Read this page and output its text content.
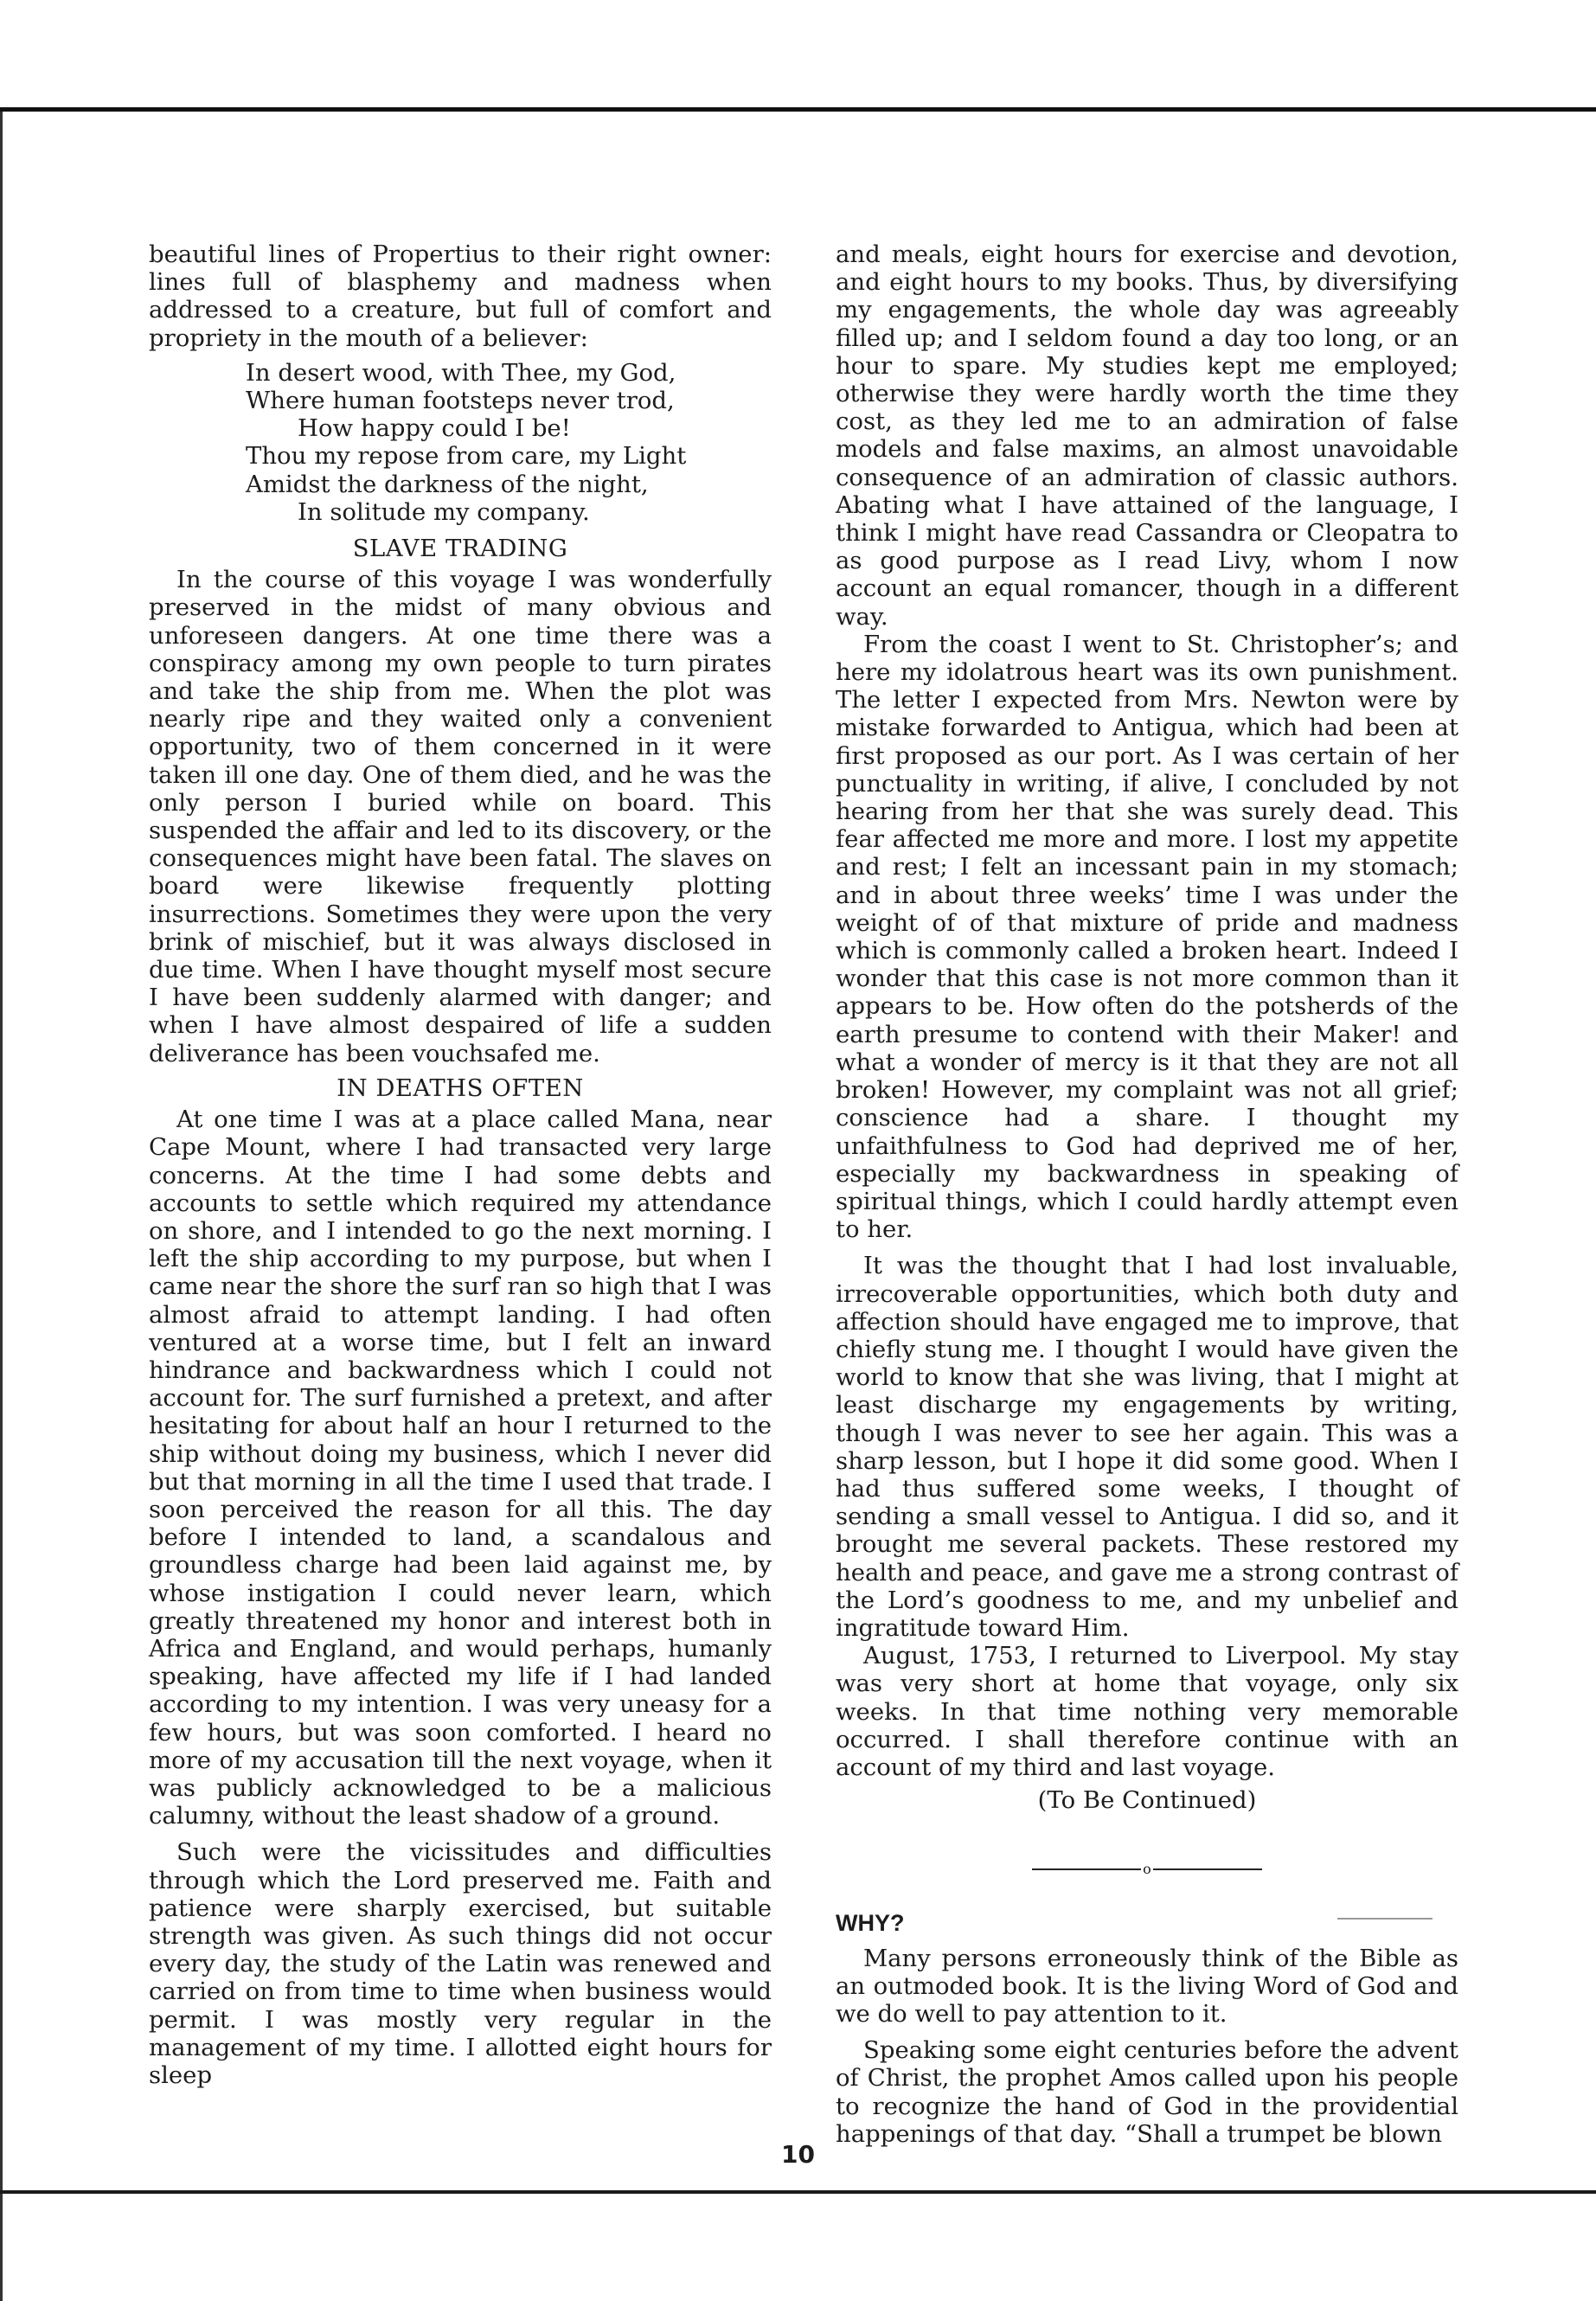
beautiful lines of Propertius to their right owner: lines full of blasphemy and madness when addressed to a creature, but full of comfort and propriety in the mouth of a believer:

In desert wood, with Thee, my God,
Where human footsteps never trod,
How happy could I be!
Thou my repose from care, my Light
Amidst the darkness of the night,
In solitude my company.
SLAVE TRADING

In the course of this voyage I was wonderfully preserved in the midst of many obvious and unforeseen dangers. At one time there was a conspiracy among my own people to turn pirates and take the ship from me. When the plot was nearly ripe and they waited only a convenient opportunity, two of them concerned in it were taken ill one day. One of them died, and he was the only person I buried while on board. This suspended the affair and led to its discovery, or the consequences might have been fatal. The slaves on board were likewise frequently plotting insurrections. Sometimes they were upon the very brink of mischief, but it was always disclosed in due time. When I have thought myself most secure I have been suddenly alarmed with danger; and when I have almost despaired of life a sudden deliverance has been vouchsafed me.

IN DEATHS OFTEN

At one time I was at a place called Mana, near Cape Mount, where I had transacted very large concerns. At the time I had some debts and accounts to settle which required my attendance on shore, and I intended to go the next morning. I left the ship according to my purpose, but when I came near the shore the surf ran so high that I was almost afraid to attempt landing. I had often ventured at a worse time, but I felt an inward hindrance and backwardness which I could not account for. The surf furnished a pretext, and after hesitating for about half an hour I returned to the ship without doing my business, which I never did but that morning in all the time I used that trade. I soon perceived the reason for all this. The day before I intended to land, a scandalous and groundless charge had been laid against me, by whose instigation I could never learn, which greatly threatened my honor and interest both in Africa and England, and would perhaps, humanly speaking, have affected my life if I had landed according to my intention. I was very uneasy for a few hours, but was soon comforted. I heard no more of my accusation till the next voyage, when it was publicly acknowledged to be a malicious calumny, without the least shadow of a ground.

Such were the vicissitudes and difficulties through which the Lord preserved me. Faith and patience were sharply exercised, but suitable strength was given. As such things did not occur every day, the study of the Latin was renewed and carried on from time to time when business would permit. I was mostly very regular in the management of my time. I allotted eight hours for sleep

and meals, eight hours for exercise and devotion, and eight hours to my books. Thus, by diversifying my engagements, the whole day was agreeably filled up; and I seldom found a day too long, or an hour to spare. My studies kept me employed; otherwise they were hardly worth the time they cost, as they led me to an admiration of false models and false maxims, an almost unavoidable consequence of an admiration of classic authors. Abating what I have attained of the language, I think I might have read Cassandra or Cleopatra to as good purpose as I read Livy, whom I now account an equal romancer, though in a different way.

From the coast I went to St. Christopher’s; and here my idolatrous heart was its own punishment. The letter I expected from Mrs. Newton were by mistake forwarded to Antigua, which had been at first proposed as our port. As I was certain of her punctuality in writing, if alive, I concluded by not hearing from her that she was surely dead. This fear affected me more and more. I lost my appetite and rest; I felt an incessant pain in my stomach; and in about three weeks’ time I was under the weight of of that mixture of pride and madness which is commonly called a broken heart. Indeed I wonder that this case is not more common than it appears to be. How often do the potsherds of the earth presume to contend with their Maker! and what a wonder of mercy is it that they are not all broken! However, my complaint was not all grief; conscience had a share. I thought my unfaithfulness to God had deprived me of her, especially my backwardness in speaking of spiritual things, which I could hardly attempt even to her.

It was the thought that I had lost invaluable, irrecoverable opportunities, which both duty and affection should have engaged me to improve, that chiefly stung me. I thought I would have given the world to know that she was living, that I might at least discharge my engagements by writing, though I was never to see her again. This was a sharp lesson, but I hope it did some good. When I had thus suffered some weeks, I thought of sending a small vessel to Antigua. I did so, and it brought me several packets. These restored my health and peace, and gave me a strong contrast of the Lord’s goodness to me, and my unbelief and ingratitude toward Him.

August, 1753, I returned to Liverpool. My stay was very short at home that voyage, only six weeks. In that time nothing very memorable occurred. I shall therefore continue with an account of my third and last voyage.

(To Be Continued)
o
WHY?

Many persons erroneously think of the Bible as an outmoded book. It is the living Word of God and we do well to pay attention to it.

Speaking some eight centuries before the advent of Christ, the prophet Amos called upon his people to recognize the hand of God in the providential happenings of that day. “Shall a trumpet be blown

10
